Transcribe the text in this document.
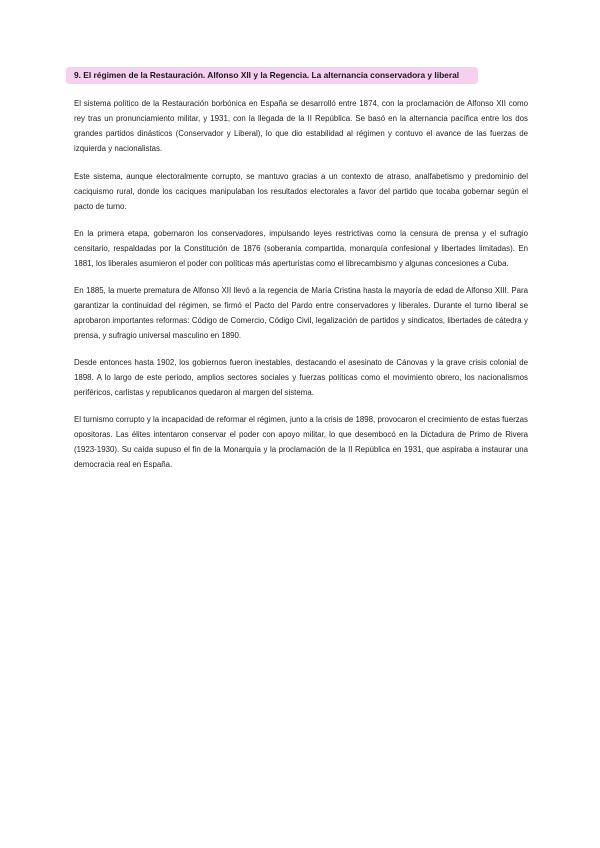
9. El régimen de la Restauración. Alfonso XII y la Regencia. La alternancia conservadora y liberal

El sistema político de la Restauración borbónica en España se desarrolló entre 1874, con la proclamación de Alfonso XII como rey tras un pronunciamiento militar, y 1931, con la llegada de la II República. Se basó en la alternancia pacífica entre los dos grandes partidos dinásticos (Conservador y Liberal), lo que dio estabilidad al régimen y contuvo el avance de las fuerzas de izquierda y nacionalistas.

Este sistema, aunque electoralmente corrupto, se mantuvo gracias a un contexto de atraso, analfabetismo y predominio del caciquismo rural, donde los caciques manipulaban los resultados electorales a favor del partido que tocaba gobernar según el pacto de turno.

En la primera etapa, gobernaron los conservadores, impulsando leyes restrictivas como la censura de prensa y el sufragio censitario, respaldadas por la Constitución de 1876 (soberanía compartida, monarquía confesional y libertades limitadas). En 1881, los liberales asumieron el poder con políticas más aperturistas como el librecambismo y algunas concesiones a Cuba.

En 1885, la muerte prematura de Alfonso XII llevó a la regencia de María Cristina hasta la mayoría de edad de Alfonso XIII. Para garantizar la continuidad del régimen, se firmó el Pacto del Pardo entre conservadores y liberales. Durante el turno liberal se aprobaron importantes reformas: Código de Comercio, Código Civil, legalización de partidos y sindicatos, libertades de cátedra y prensa, y sufragio universal masculino en 1890.

Desde entonces hasta 1902, los gobiernos fueron inestables, destacando el asesinato de Cánovas y la grave crisis colonial de 1898. A lo largo de este periodo, amplios sectores sociales y fuerzas políticas como el movimiento obrero, los nacionalismos periféricos, carlistas y republicanos quedaron al margen del sistema.

El turnismo corrupto y la incapacidad de reformar el régimen, junto a la crisis de 1898, provocaron el crecimiento de estas fuerzas opositoras. Las élites intentaron conservar el poder con apoyo militar, lo que desembocó en la Dictadura de Primo de Rivera (1923-1930). Su caída supuso el fin de la Monarquía y la proclamación de la II República en 1931, que aspiraba a instaurar una democracia real en España.
